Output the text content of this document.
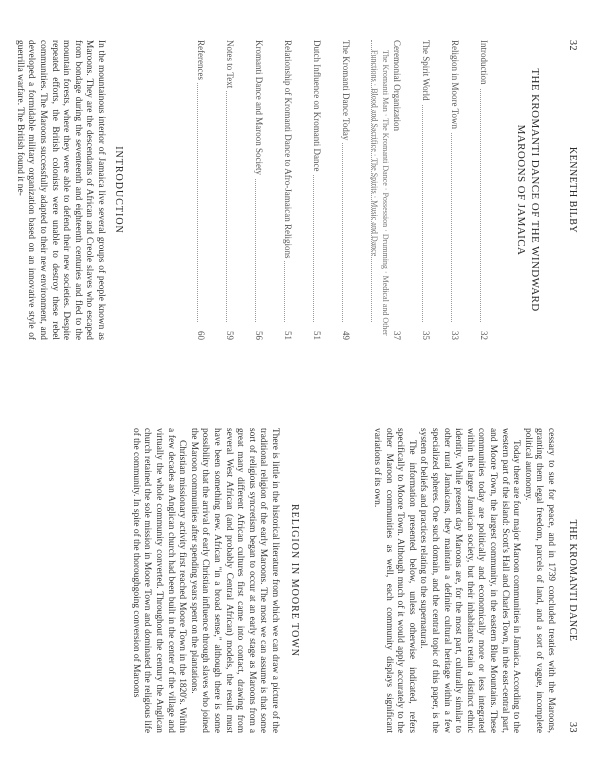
32
KENNETH BILBY
THE KROMANTI DANCE OF THE WINDWARD MAROONS OF JAMAICA
Introduction
32
Religion in Moore Town
33
The Spirit World
35
Ceremonial Organization
37
The Kromanti Man · The Kromanti Dance · Possession · Drumming · Medical and Other Functions · Blood and Sacrifice · The Spirits · Music and Dance
The Kromanti Dance Today
49
Dutch Influence on Kromanti Dance
51
Relationship of Kromanti Dance to Afro-Jamaican Religions
51
Kromanti Dance and Maroon Society
56
Notes to Text
59
References
60
INTRODUCTION

In the mountainous interior of Jamaica live several groups of people known as Maroons. They are the descendants of African and Creole slaves who escaped from bondage during the seventeenth and eighteenth centuries and fled to the mountain forests, where they were able to defend their new societies. Despite repeated efforts, the British colonists were unable to destroy these rebel communities. The Maroons successfully adapted to their new environment, and developed a formidable military organization based on an innovative style of guerrilla warfare. The British found it ne-

THE KROMANTI DANCE
33

cessary to sue for peace, and in 1739 concluded treaties with the Maroons, granting them legal freedom, parcels of land, and a sort of vague, incomplete political autonomy.

Today there are four major Maroon communities in Jamaica. According to the western part of the island: Scott's Hall and Charles Town, in the east-central part, and Moore Town, the largest community, in the eastern Blue Mountains. These communities today are politically and economically more or less integrated within the larger Jamaican society, but their inhabitants retain a distinct ethnic identity. While present day Maroons are, for the most part, culturally similar to other rural Jamaicans, they maintain a definite cultural heritage within a few specialized spheres. One such domain, and the central topic of this paper, is the system of beliefs and practices relating to the supernatural.

The information presented below, unless otherwise indicated, refers specifically to Moore Town. Although much of it would apply accurately to the other Maroon communities as well, each community displays significant variations of its own.

RELIGION IN MOORE TOWN

There is little in the historical literature from which we can draw a picture of the traditional religion of the early Maroons. The most we can assume is that some sort of religious syncretism began to occur at an early stage as Maroons from a great many different African cultures first came into contact, drawing from several West African (and probably Central African) models, the result must have been something new. African "in a broad sense," although there is some possibility that the arrival of early Christian influence through slaves who joined the Maroon communities after spending years spent on the plantations.

Christian missionary activity first reached Moore Town in the 1820's. Within a few decades an Anglican church had been built in the center of the village and virtually the whole community converted. Throughout the century the Anglican church retained the sole mission in Moore Town and dominated the religious life of the community. In spite of the thoroughgoing conversion of Maroons
